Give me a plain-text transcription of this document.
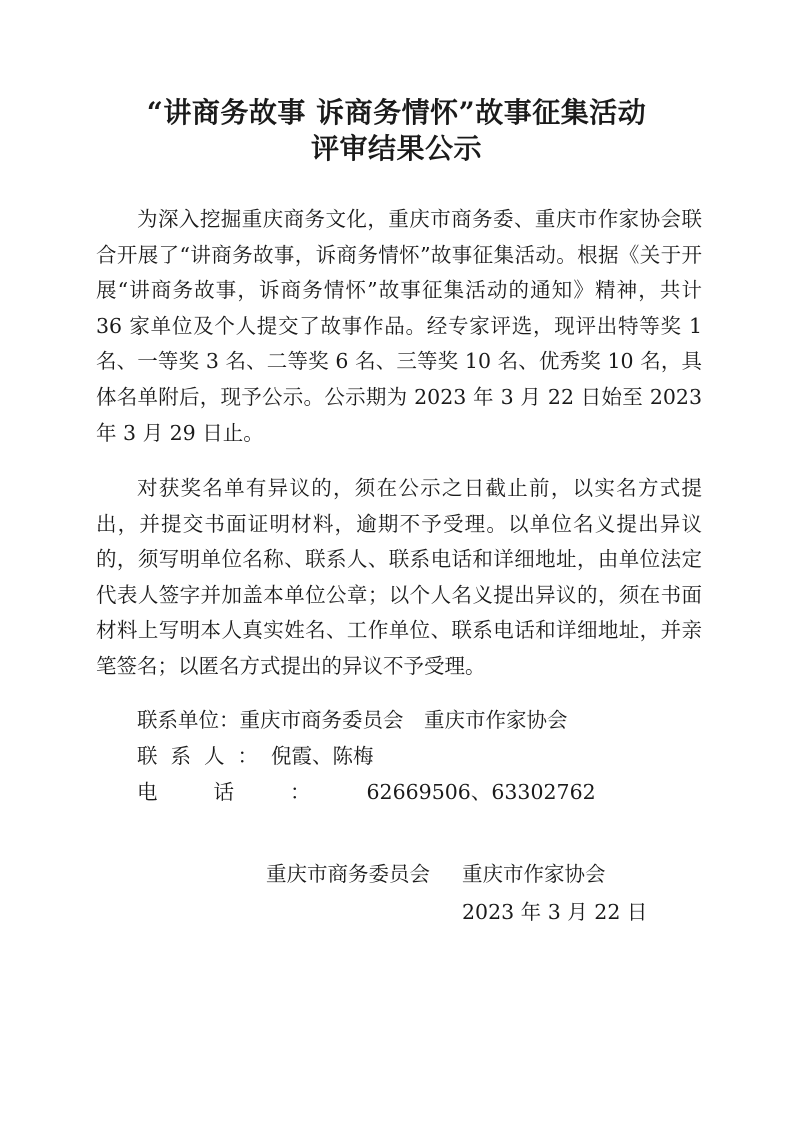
“讲商务故事 诉商务情怀”故事征集活动
评审结果公示
为深入挖掘重庆商务文化，重庆市商务委、重庆市作家协会联合开展了“讲商务故事，诉商务情怀”故事征集活动。根据《关于开展“讲商务故事，诉商务情怀”故事征集活动的通知》精神，共计 36 家单位及个人提交了故事作品。经专家评选，现评出特等奖 1 名、一等奖 3 名、二等奖 6 名、三等奖 10 名、优秀奖 10 名，具体名单附后，现予公示。公示期为 2023 年 3 月 22 日始至 2023 年 3 月 29 日止。
对获奖名单有异议的，须在公示之日截止前，以实名方式提出，并提交书面证明材料，逾期不予受理。以单位名义提出异议的，须写明单位名称、联系人、联系电话和详细地址，由单位法定代表人签字并加盖本单位公章；以个人名义提出异议的，须在书面材料上写明本人真实姓名、工作单位、联系电话和详细地址，并亲笔签名；以匿名方式提出的异议不予受理。
联系单位：重庆市商务委员会　重庆市作家协会
联系人：倪霞、陈梅
电话：62669506、63302762
重庆市商务委员会 重庆市作家协会
2023 年 3 月 22 日
